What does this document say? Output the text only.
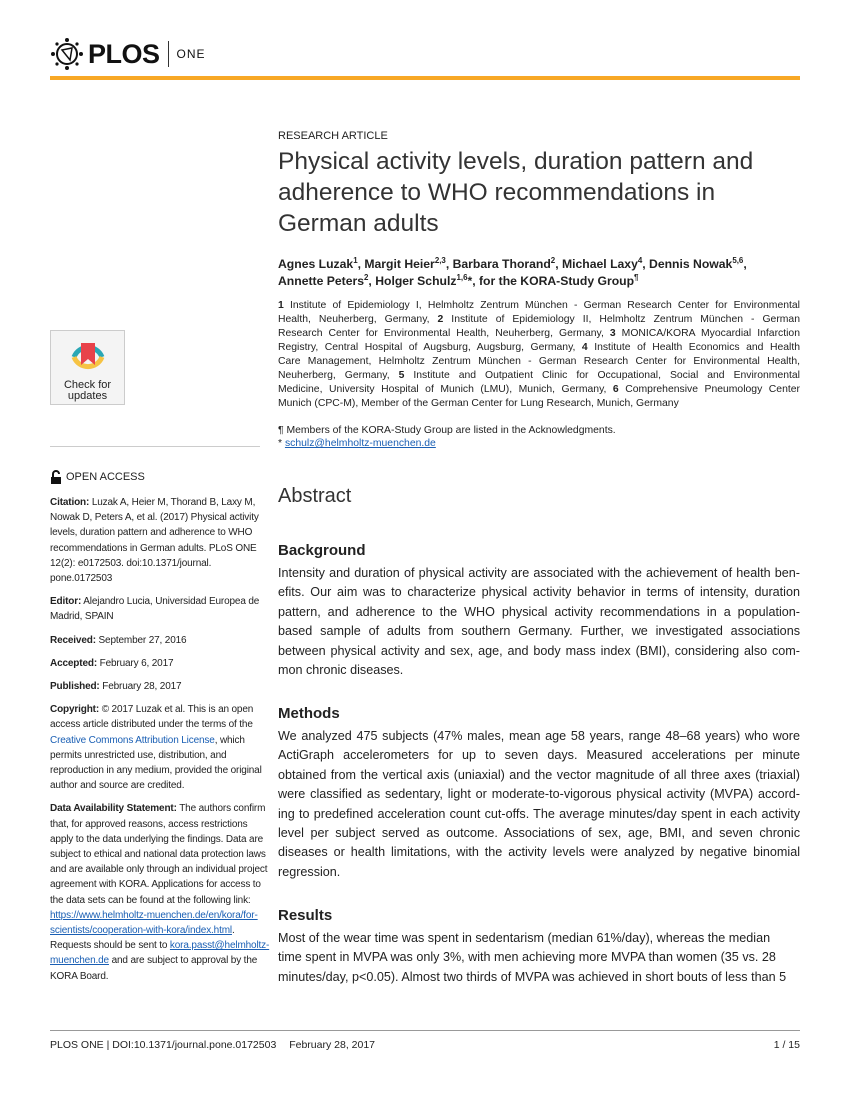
PLOS ONE
Check for
updates
OPEN ACCESS
Citation: Luzak A, Heier M, Thorand B, Laxy M,
Nowak D, Peters A, et al. (2017) Physical activity
levels, duration pattern and adherence to WHO
recommendations in German adults. PLoS ONE
12(2): e0172503. doi:10.1371/journal.
pone.0172503
Editor: Alejandro Lucia, Universidad Europea de
Madrid, SPAIN
Received: September 27, 2016
Accepted: February 6, 2017
Published: February 28, 2017
Copyright: © 2017 Luzak et al. This is an open
access article distributed under the terms of the
Creative Commons Attribution License, which
permits unrestricted use, distribution, and
reproduction in any medium, provided the original
author and source are credited.
Data Availability Statement: The authors confirm
that, for approved reasons, access restrictions
apply to the data underlying the findings. Data are
subject to ethical and national data protection laws
and are available only through an individual project
agreement with KORA. Applications for access to
the data sets can be found at the following link:
https://www.helmholtz-muenchen.de/en/kora/for-
scientists/cooperation-with-kora/index.html.
Requests should be sent to kora.passt@helmholtz-
muenchen.de and are subject to approval by the
KORA Board.
RESEARCH ARTICLE
Physical activity levels, duration pattern and
adherence to WHO recommendations in
German adults
Agnes Luzak$^1$, Margit Heier$^{2,3}$, Barbara Thorand$^2$, Michael Laxy$^4$, Dennis Nowak$^{5,6}$,
Annette Peters$^2$, Holger Schulz$^{1,6}$*, for the KORA-Study Group¶
1 Institute of Epidemiology I, Helmholtz Zentrum München - German Research Center for Environmental
Health, Neuherberg, Germany, 2 Institute of Epidemiology II, Helmholtz Zentrum München - German
Research Center for Environmental Health, Neuherberg, Germany, 3 MONICA/KORA Myocardial Infarction
Registry, Central Hospital of Augsburg, Augsburg, Germany, 4 Institute of Health Economics and Health
Care Management, Helmholtz Zentrum München - German Research Center for Environmental Health,
Neuherberg, Germany, 5 Institute and Outpatient Clinic for Occupational, Social and Environmental
Medicine, University Hospital of Munich (LMU), Munich, Germany, 6 Comprehensive Pneumology Center
Munich (CPC-M), Member of the German Center for Lung Research, Munich, Germany
¶ Members of the KORA-Study Group are listed in the Acknowledgments.
* schulz@helmholtz-muenchen.de
Abstract
Background
Intensity and duration of physical activity are associated with the achievement of health ben-
efits. Our aim was to characterize physical activity behavior in terms of intensity, duration
pattern, and adherence to the WHO physical activity recommendations in a population-
based sample of adults from southern Germany. Further, we investigated associations
between physical activity and sex, age, and body mass index (BMI), considering also com-
mon chronic diseases.
Methods
We analyzed 475 subjects (47% males, mean age 58 years, range 48–68 years) who wore
ActiGraph accelerometers for up to seven days. Measured accelerations per minute
obtained from the vertical axis (uniaxial) and the vector magnitude of all three axes (triaxial)
were classified as sedentary, light or moderate-to-vigorous physical activity (MVPA) accord-
ing to predefined acceleration count cut-offs. The average minutes/day spent in each activity
level per subject served as outcome. Associations of sex, age, BMI, and seven chronic
diseases or health limitations, with the activity levels were analyzed by negative binomial
regression.
Results
Most of the wear time was spent in sedentarism (median 61%/day), whereas the median
time spent in MVPA was only 3%, with men achieving more MVPA than women (35 vs. 28
minutes/day, p<0.05). Almost two thirds of MVPA was achieved in short bouts of less than 5
PLOS ONE | DOI:10.1371/journal.pone.0172503 February 28, 2017	1 / 15
